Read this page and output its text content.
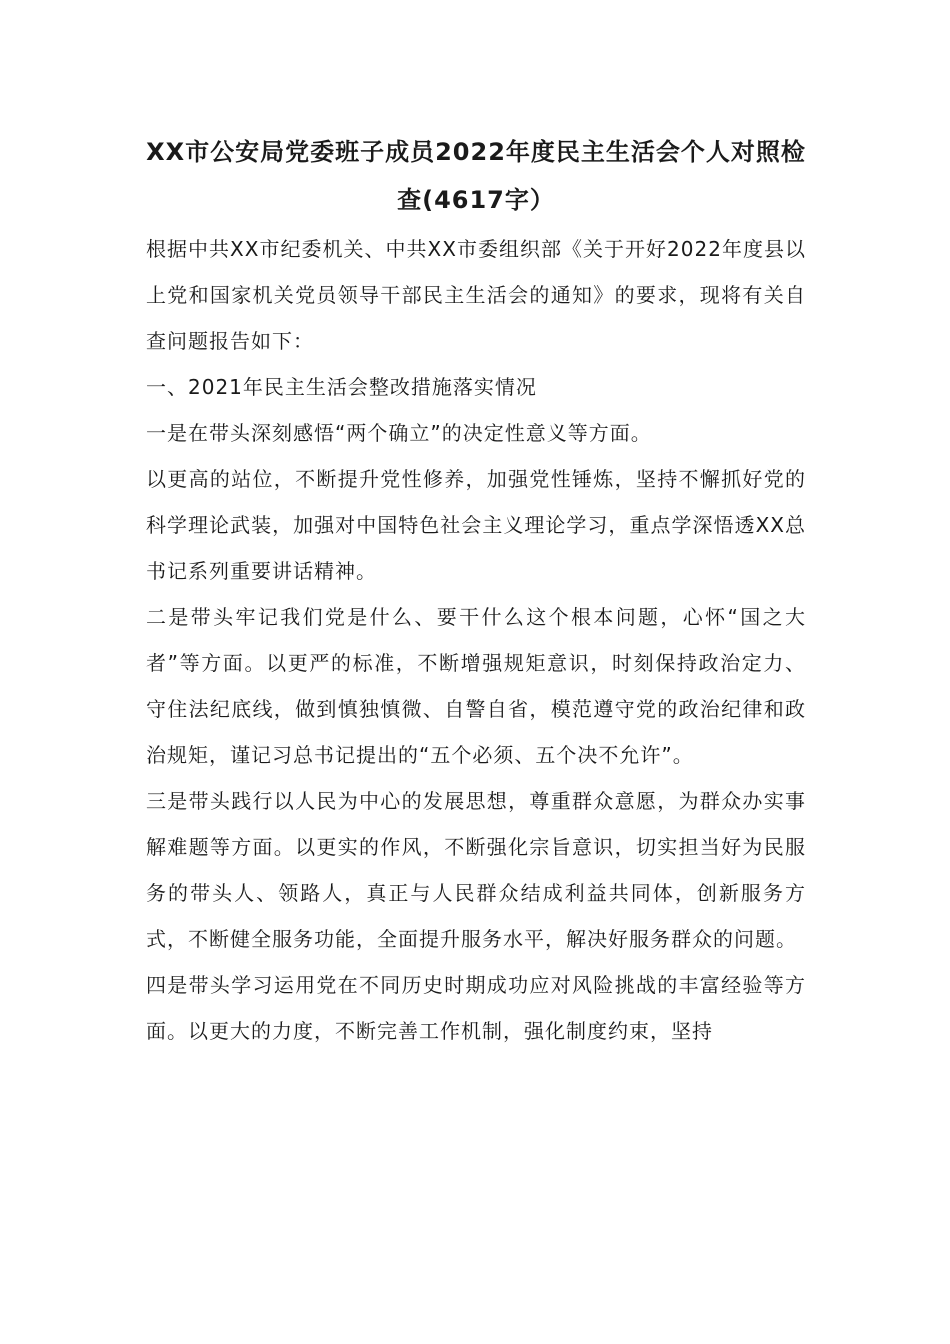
XX市公安局党委班子成员2022年度民主生活会个人对照检查(4617字）

根据中共XX市纪委机关、中共XX市委组织部《关于开好2022年度县以上党和国家机关党员领导干部民主生活会的通知》的要求，现将有关自查问题报告如下：

一、2021年民主生活会整改措施落实情况

一是在带头深刻感悟“两个确立”的决定性意义等方面。

以更高的站位，不断提升党性修养，加强党性锤炼，坚持不懈抓好党的科学理论武装，加强对中国特色社会主义理论学习，重点学深悟透XX总书记系列重要讲话精神。

二是带头牢记我们党是什么、要干什么这个根本问题，心怀“国之大者”等方面。以更严的标准，不断增强规矩意识，时刻保持政治定力、守住法纪底线，做到慎独慎微、自警自省，模范遵守党的政治纪律和政治规矩，谨记习总书记提出的“五个必须、五个决不允许”。

三是带头践行以人民为中心的发展思想，尊重群众意愿，为群众办实事解难题等方面。以更实的作风，不断强化宗旨意识，切实担当好为民服务的带头人、领路人，真正与人民群众结成利益共同体，创新服务方式，不断健全服务功能，全面提升服务水平，解决好服务群众的问题。

四是带头学习运用党在不同历史时期成功应对风险挑战的丰富经验等方面。以更大的力度，不断完善工作机制，强化制度约束，坚持
